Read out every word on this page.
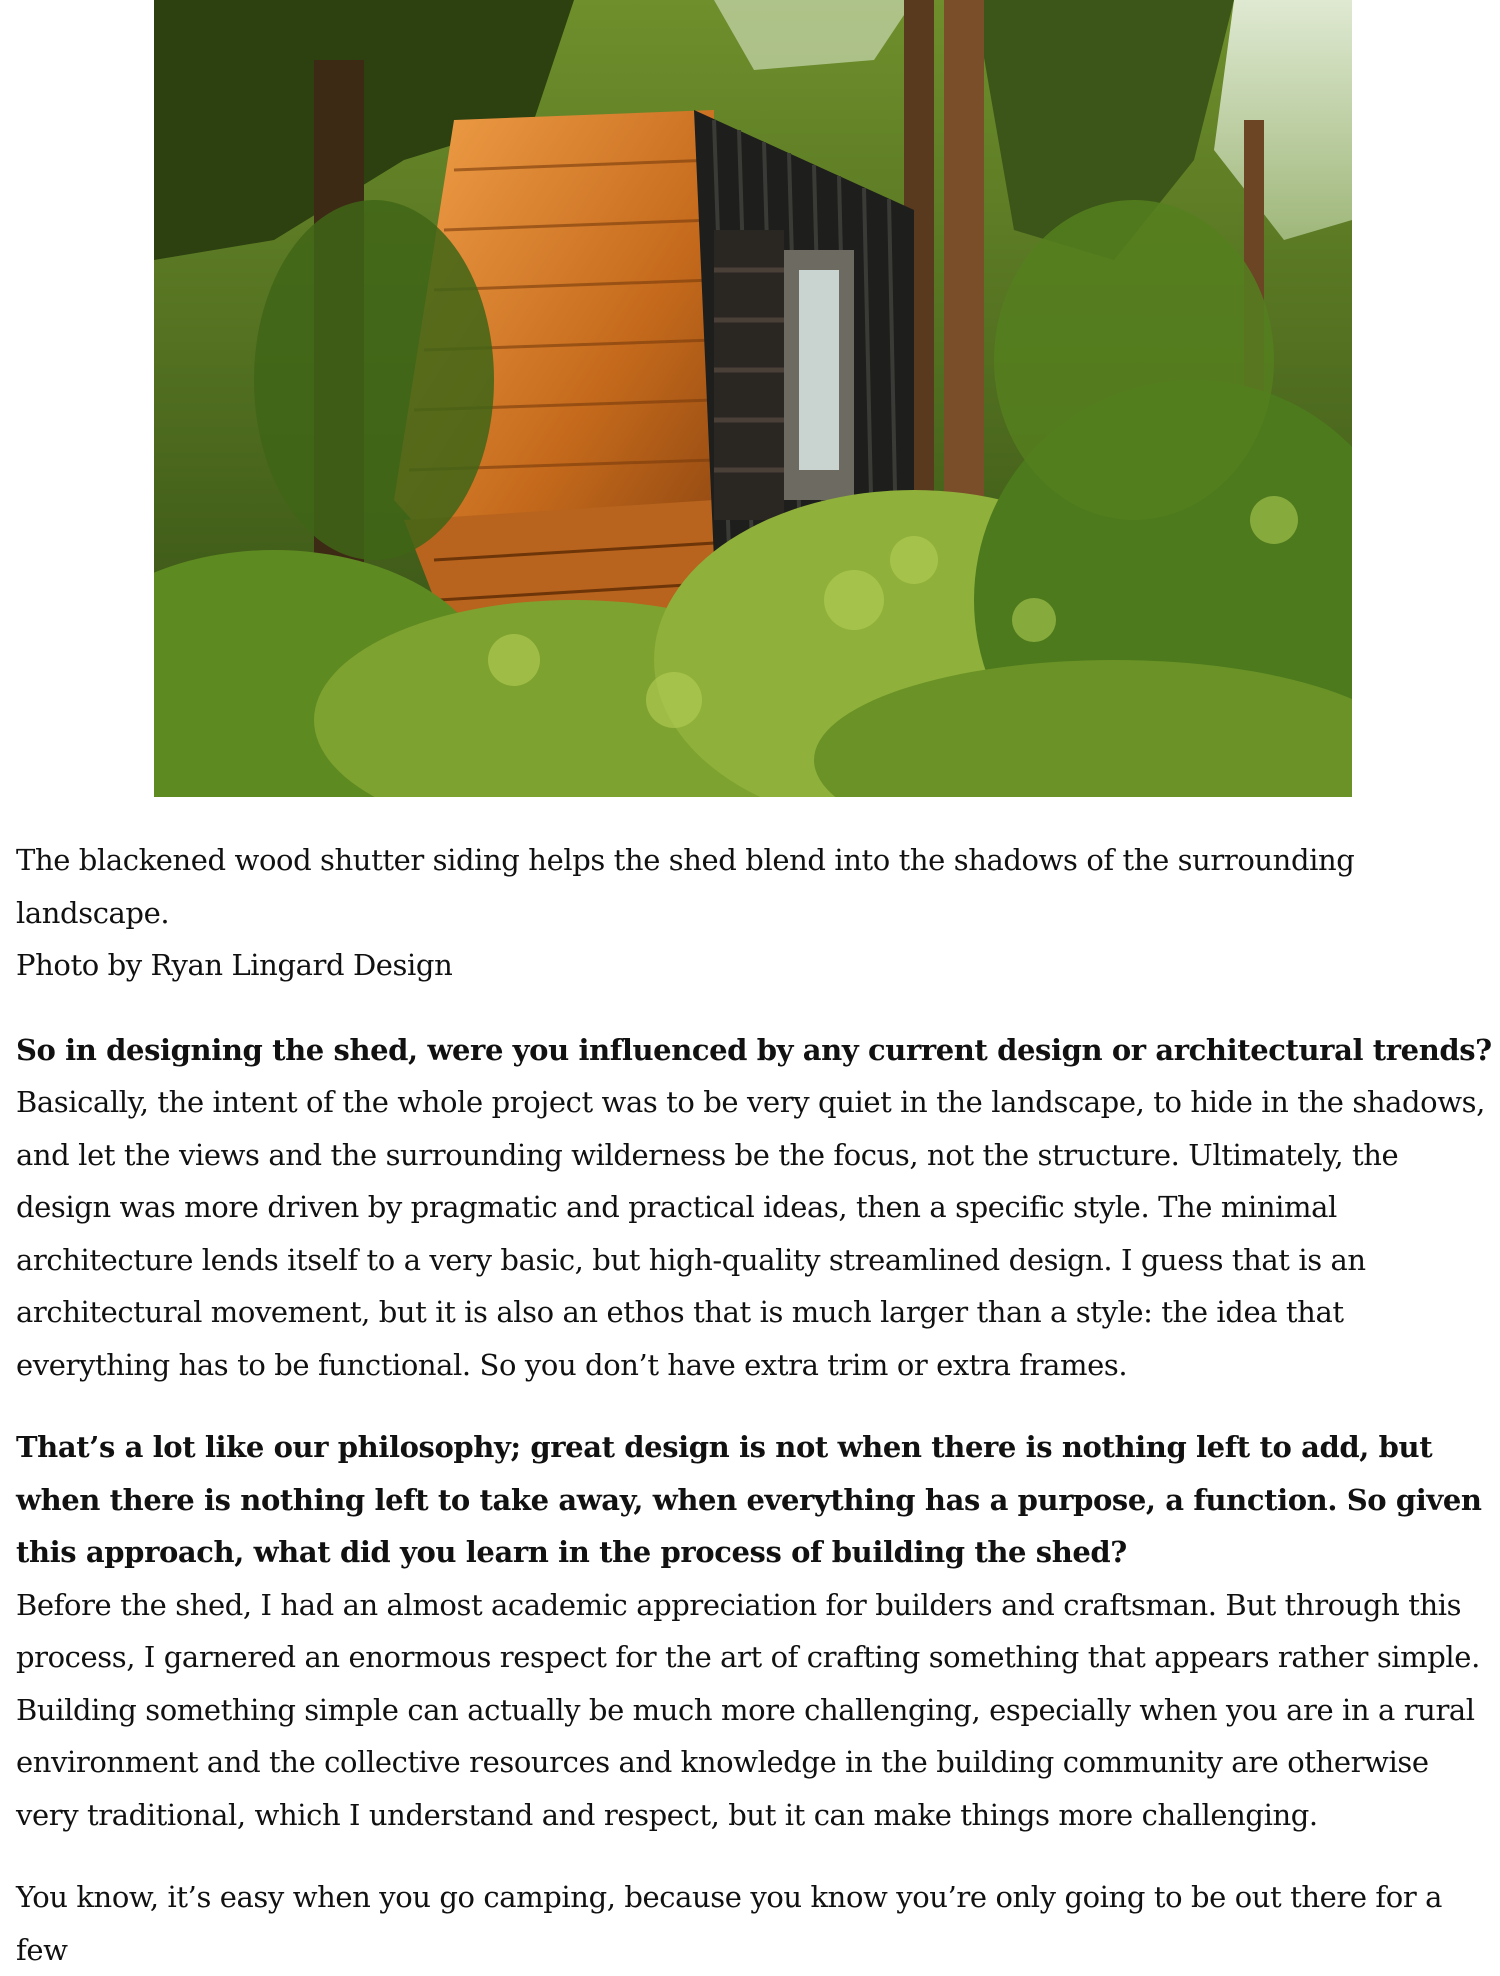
The blackened wood shutter siding helps the shed blend into the shadows of the surrounding landscape.
Photo by Ryan Lingard Design

So in designing the shed, were you influenced by any current design or architectural trends?

Basically, the intent of the whole project was to be very quiet in the landscape, to hide in the shadows, and let the views and the surrounding wilderness be the focus, not the structure. Ultimately, the design was more driven by pragmatic and practical ideas, then a specific style. The minimal architecture lends itself to a very basic, but high-quality streamlined design. I guess that is an architectural movement, but it is also an ethos that is much larger than a style: the idea that everything has to be functional. So you don’t have extra trim or extra frames.

That’s a lot like our philosophy; great design is not when there is nothing left to add, but when there is nothing left to take away, when everything has a purpose, a function. So given this approach, what did you learn in the process of building the shed?

Before the shed, I had an almost academic appreciation for builders and craftsman. But through this process, I garnered an enormous respect for the art of crafting something that appears rather simple. Building something simple can actually be much more challenging, especially when you are in a rural environment and the collective resources and knowledge in the building community are otherwise very traditional, which I understand and respect, but it can make things more challenging.

You know, it’s easy when you go camping, because you know you’re only going to be out there for a few
